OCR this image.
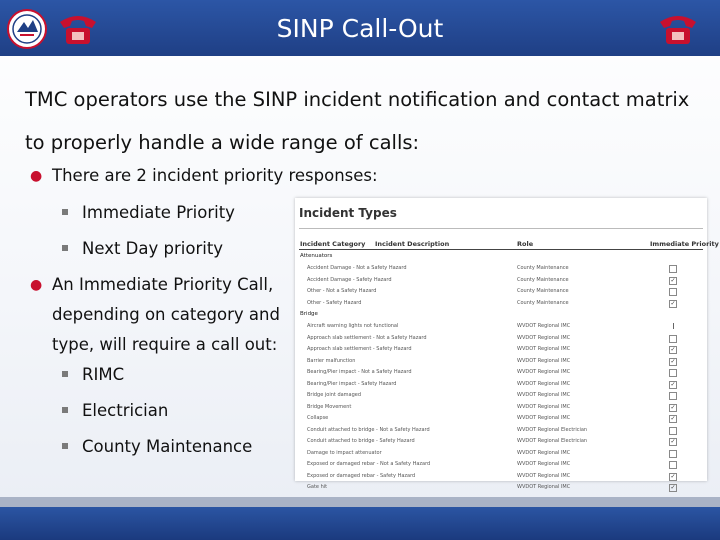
SINP Call-Out
TMC operators use the SINP incident notification and contact matrix to properly handle a wide range of calls:
● There are 2 incident priority responses:
Immediate Priority
Next Day priority
● An Immediate Priority Call,
depending on category and
type, will require a call out:
RIMC
Electrician
County Maintenance
Incident Types
Incident Category Incident Description	Role	Immediate Priority
Attenuators
Accident Damage - Not a Safety Hazard	County Maintenance
Accident Damage - Safety Hazard	County Maintenance	✓
Other - Not a Safety Hazard	County Maintenance
Other - Safety Hazard	County Maintenance	✓
Bridge
Aircraft warning lights not functional	WVDOT Regional IMC
Approach slab settlement - Not a Safety Hazard	WVDOT Regional IMC
Approach slab settlement - Safety Hazard	WVDOT Regional IMC	✓
Barrier malfunction	WVDOT Regional IMC	✓
Bearing/Pier impact - Not a Safety Hazard	WVDOT Regional IMC
Bearing/Pier impact - Safety Hazard	WVDOT Regional IMC	✓
Bridge joint damaged	WVDOT Regional IMC
Bridge Movement	WVDOT Regional IMC	✓
Collapse	WVDOT Regional IMC	✓
Conduit attached to bridge - Not a Safety Hazard	WVDOT Regional Electrician
Conduit attached to bridge - Safety Hazard	WVDOT Regional Electrician	✓
Damage to impact attenuator	WVDOT Regional IMC
Exposed or damaged rebar - Not a Safety Hazard	WVDOT Regional IMC
Exposed or damaged rebar - Safety Hazard	WVDOT Regional IMC	✓
Gate hit	WVDOT Regional IMC	✓
